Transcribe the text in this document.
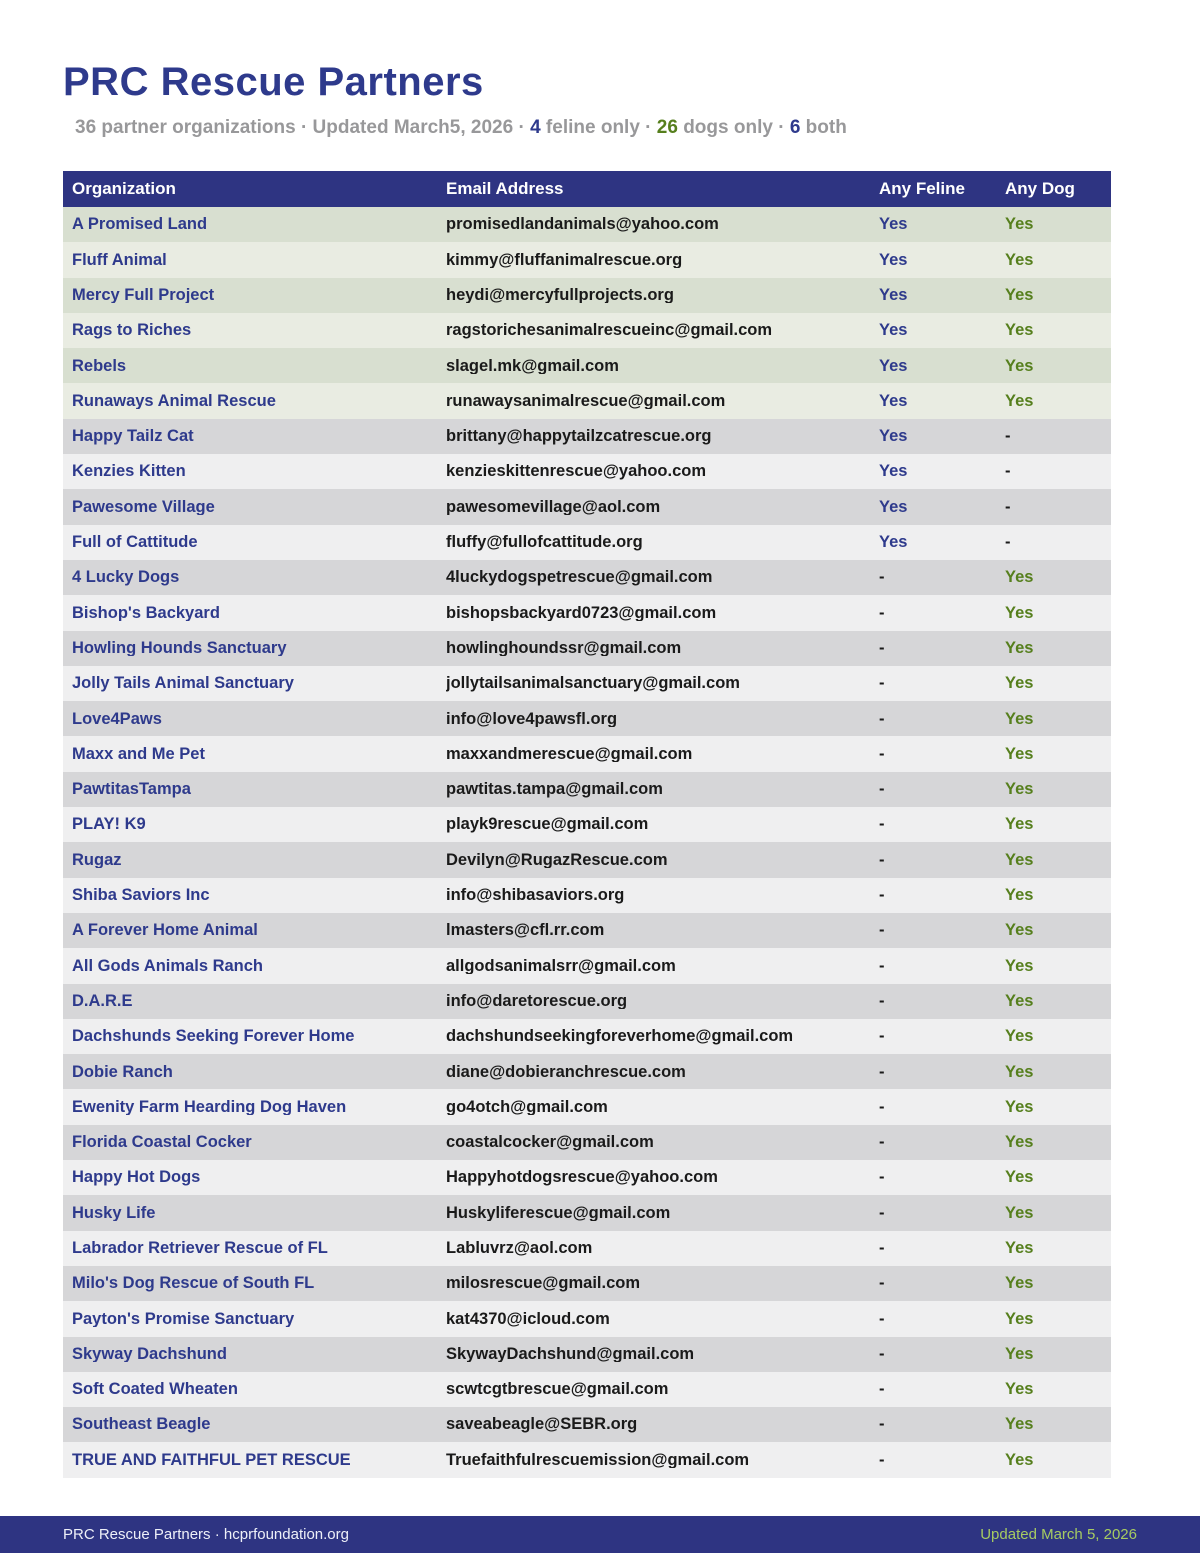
PRC Rescue Partners
36 partner organizations · Updated March5, 2026 · 4 feline only · 26 dogs only · 6 both
Organization	Email Address	Any Feline	Any Dog
A Promised Land	promisedlandanimals@yahoo.com	Yes	Yes
Fluff Animal	kimmy@fluffanimalrescue.org	Yes	Yes
Mercy Full Project	heydi@mercyfullprojects.org	Yes	Yes
Rags to Riches	ragstorichesanimalrescueinc@gmail.com	Yes	Yes
Rebels	slagel.mk@gmail.com	Yes	Yes
Runaways Animal Rescue	runawaysanimalrescue@gmail.com	Yes	Yes
Happy Tailz Cat	brittany@happytailzcatrescue.org	Yes	-
Kenzies Kitten	kenzieskittenrescue@yahoo.com	Yes	-
Pawesome Village	pawesomevillage@aol.com	Yes	-
Full of Cattitude	fluffy@fullofcattitude.org	Yes	-
4 Lucky Dogs	4luckydogspetrescue@gmail.com	-	Yes
Bishop's Backyard	bishopsbackyard0723@gmail.com	-	Yes
Howling Hounds Sanctuary	howlinghoundssr@gmail.com	-	Yes
Jolly Tails Animal Sanctuary	jollytailsanimalsanctuary@gmail.com	-	Yes
Love4Paws	info@love4pawsfl.org	-	Yes
Maxx and Me Pet	maxxandmerescue@gmail.com	-	Yes
PawtitasTampa	pawtitas.tampa@gmail.com	-	Yes
PLAY! K9	playk9rescue@gmail.com	-	Yes
Rugaz	Devilyn@RugazRescue.com	-	Yes
Shiba Saviors Inc	info@shibasaviors.org	-	Yes
A Forever Home Animal	lmasters@cfl.rr.com	-	Yes
All Gods Animals Ranch	allgodsanimalsrr@gmail.com	-	Yes
D.A.R.E	info@daretorescue.org	-	Yes
Dachshunds Seeking Forever Home	dachshundseekingforeverhome@gmail.com	-	Yes
Dobie Ranch	diane@dobieranchrescue.com	-	Yes
Ewenity Farm Hearding Dog Haven	go4otch@gmail.com	-	Yes
Florida Coastal Cocker	coastalcocker@gmail.com	-	Yes
Happy Hot Dogs	Happyhotdogsrescue@yahoo.com	-	Yes
Husky Life	Huskyliferescue@gmail.com	-	Yes
Labrador Retriever Rescue of FL	Labluvrz@aol.com	-	Yes
Milo's Dog Rescue of South FL	milosrescue@gmail.com	-	Yes
Payton's Promise Sanctuary	kat4370@icloud.com	-	Yes
Skyway Dachshund	SkywayDachshund@gmail.com	-	Yes
Soft Coated Wheaten	scwtcgtbrescue@gmail.com	-	Yes
Southeast Beagle	saveabeagle@SEBR.org	-	Yes
TRUE AND FAITHFUL PET RESCUE	Truefaithfulrescuemission@gmail.com	-	Yes
PRC Rescue Partners · hcprfoundation.org	Updated March 5, 2026
